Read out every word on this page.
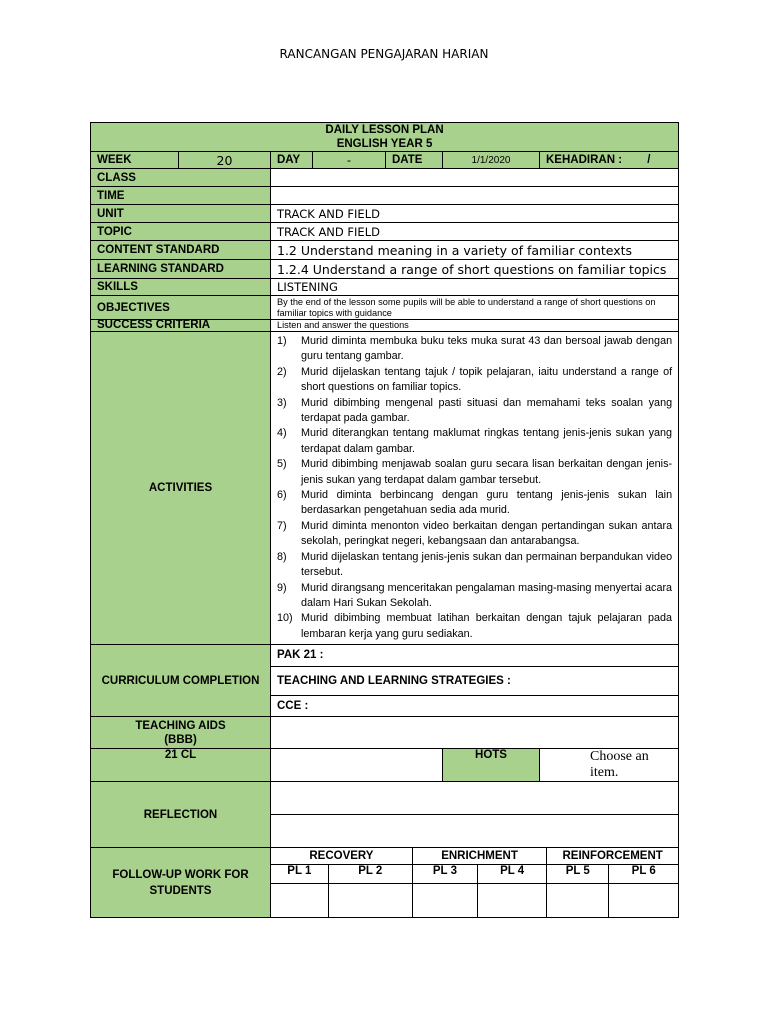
RANCANGAN PENGAJARAN HARIAN
DAILY LESSON PLAN
ENGLISH YEAR 5

WEEK	20	DAY	-	DATE	1/1/2020	KEHADIRAN : /
CLASS	
TIME	
UNIT	TRACK AND FIELD
TOPIC	TRACK AND FIELD
CONTENT STANDARD	1.2 Understand meaning in a variety of familiar contexts
LEARNING STANDARD	1.2.4 Understand a range of short questions on familiar topics
SKILLS	LISTENING
OBJECTIVES	By the end of the lesson some pupils will be able to understand a range of short questions on familiar topics with guidance
SUCCESS CRITERIA	Listen and answer the questions
ACTIVITIES	
1)	Murid diminta membuka buku teks muka surat 43 dan bersoal jawab dengan guru tentang gambar.
2)	Murid dijelaskan tentang tajuk / topik pelajaran, iaitu understand a range of short questions on familiar topics.
3)	Murid dibimbing mengenal pasti situasi dan memahami teks soalan yang terdapat pada gambar.
4)	Murid diterangkan tentang maklumat ringkas tentang jenis-jenis sukan yang terdapat dalam gambar.
5)	Murid dibimbing menjawab soalan guru secara lisan berkaitan dengan jenis-jenis sukan yang terdapat dalam gambar tersebut.
6)	Murid diminta berbincang dengan guru tentang jenis-jenis sukan lain berdasarkan pengetahuan sedia ada murid.
7)	Murid diminta menonton video berkaitan dengan pertandingan sukan antara sekolah, peringkat negeri, kebangsaan dan antarabangsa.
8)	Murid dijelaskan tentang jenis-jenis sukan dan permainan berpandukan video tersebut.
9)	Murid dirangsang menceritakan pengalaman masing-masing menyertai acara dalam Hari Sukan Sekolah.
10) Murid dibimbing membuat latihan berkaitan dengan tajuk pelajaran pada lembaran kerja yang guru sediakan.

CURRICULUM COMPLETION	
PAK 21 :
TEACHING AND LEARNING STRATEGIES :
CCE :

TEACHING AIDS
(BBB)

21 CL		HOTS	Choose an item.
REFLECTION	

FOLLOW-UP WORK FOR
STUDENTS

RECOVERY	ENRICHMENT	REINFORCEMENT
PL 1	PL 2	PL 3	PL 4	PL 5	PL 6
